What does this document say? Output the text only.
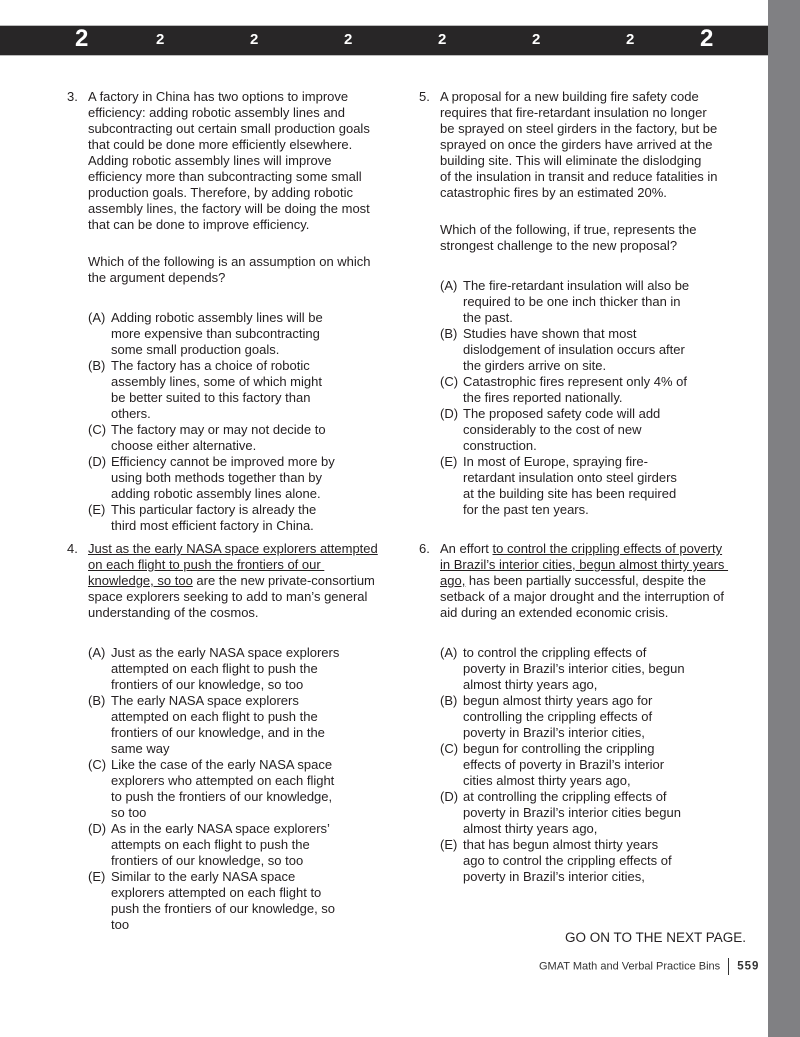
2	2	2	2	2	2	2	2
3. A factory in China has two options to improve
efficiency: adding robotic assembly lines and
subcontracting out certain small production goals
that could be done more efficiently elsewhere.
Adding robotic assembly lines will improve
efficiency more than subcontracting some small
production goals. Therefore, by adding robotic
assembly lines, the factory will be doing the most
that can be done to improve efficiency.
Which of the following is an assumption on which
the argument depends?
(A) Adding robotic assembly lines will be
more expensive than subcontracting
some small production goals.
(B) The factory has a choice of robotic
assembly lines, some of which might
be better suited to this factory than
others.
(C) The factory may or may not decide to
choose either alternative.
(D) Efficiency cannot be improved more by
using both methods together than by
adding robotic assembly lines alone.
(E) This particular factory is already the
third most efficient factory in China.
4. Just as the early NASA space explorers attempted
on each flight to push the frontiers of our
knowledge, so too are the new private-consortium
space explorers seeking to add to man’s general
understanding of the cosmos.
(A) Just as the early NASA space explorers
attempted on each flight to push the
frontiers of our knowledge, so too
(B) The early NASA space explorers
attempted on each flight to push the
frontiers of our knowledge, and in the
same way
(C) Like the case of the early NASA space
explorers who attempted on each flight
to push the frontiers of our knowledge,
so too
(D) As in the early NASA space explorers’
attempts on each flight to push the
frontiers of our knowledge, so too
(E) Similar to the early NASA space
explorers attempted on each flight to
push the frontiers of our knowledge, so
too
5. A proposal for a new building fire safety code
requires that fire-retardant insulation no longer
be sprayed on steel girders in the factory, but be
sprayed on once the girders have arrived at the
building site. This will eliminate the dislodging
of the insulation in transit and reduce fatalities in
catastrophic fires by an estimated 20%.
Which of the following, if true, represents the
strongest challenge to the new proposal?
(A) The fire-retardant insulation will also be
required to be one inch thicker than in
the past.
(B) Studies have shown that most
dislodgement of insulation occurs after
the girders arrive on site.
(C) Catastrophic fires represent only 4% of
the fires reported nationally.
(D) The proposed safety code will add
considerably to the cost of new
construction.
(E) In most of Europe, spraying fire-
retardant insulation onto steel girders
at the building site has been required
for the past ten years.
6. An effort to control the crippling effects of poverty
in Brazil’s interior cities, begun almost thirty years
ago, has been partially successful, despite the
setback of a major drought and the interruption of
aid during an extended economic crisis.
(A) to control the crippling effects of
poverty in Brazil’s interior cities, begun
almost thirty years ago,
(B) begun almost thirty years ago for
controlling the crippling effects of
poverty in Brazil’s interior cities,
(C) begun for controlling the crippling
effects of poverty in Brazil’s interior
cities almost thirty years ago,
(D) at controlling the crippling effects of
poverty in Brazil’s interior cities begun
almost thirty years ago,
(E) that has begun almost thirty years
ago to control the crippling effects of
poverty in Brazil’s interior cities,
GO ON TO THE NEXT PAGE.
GMAT Math and Verbal Practice Bins 559
